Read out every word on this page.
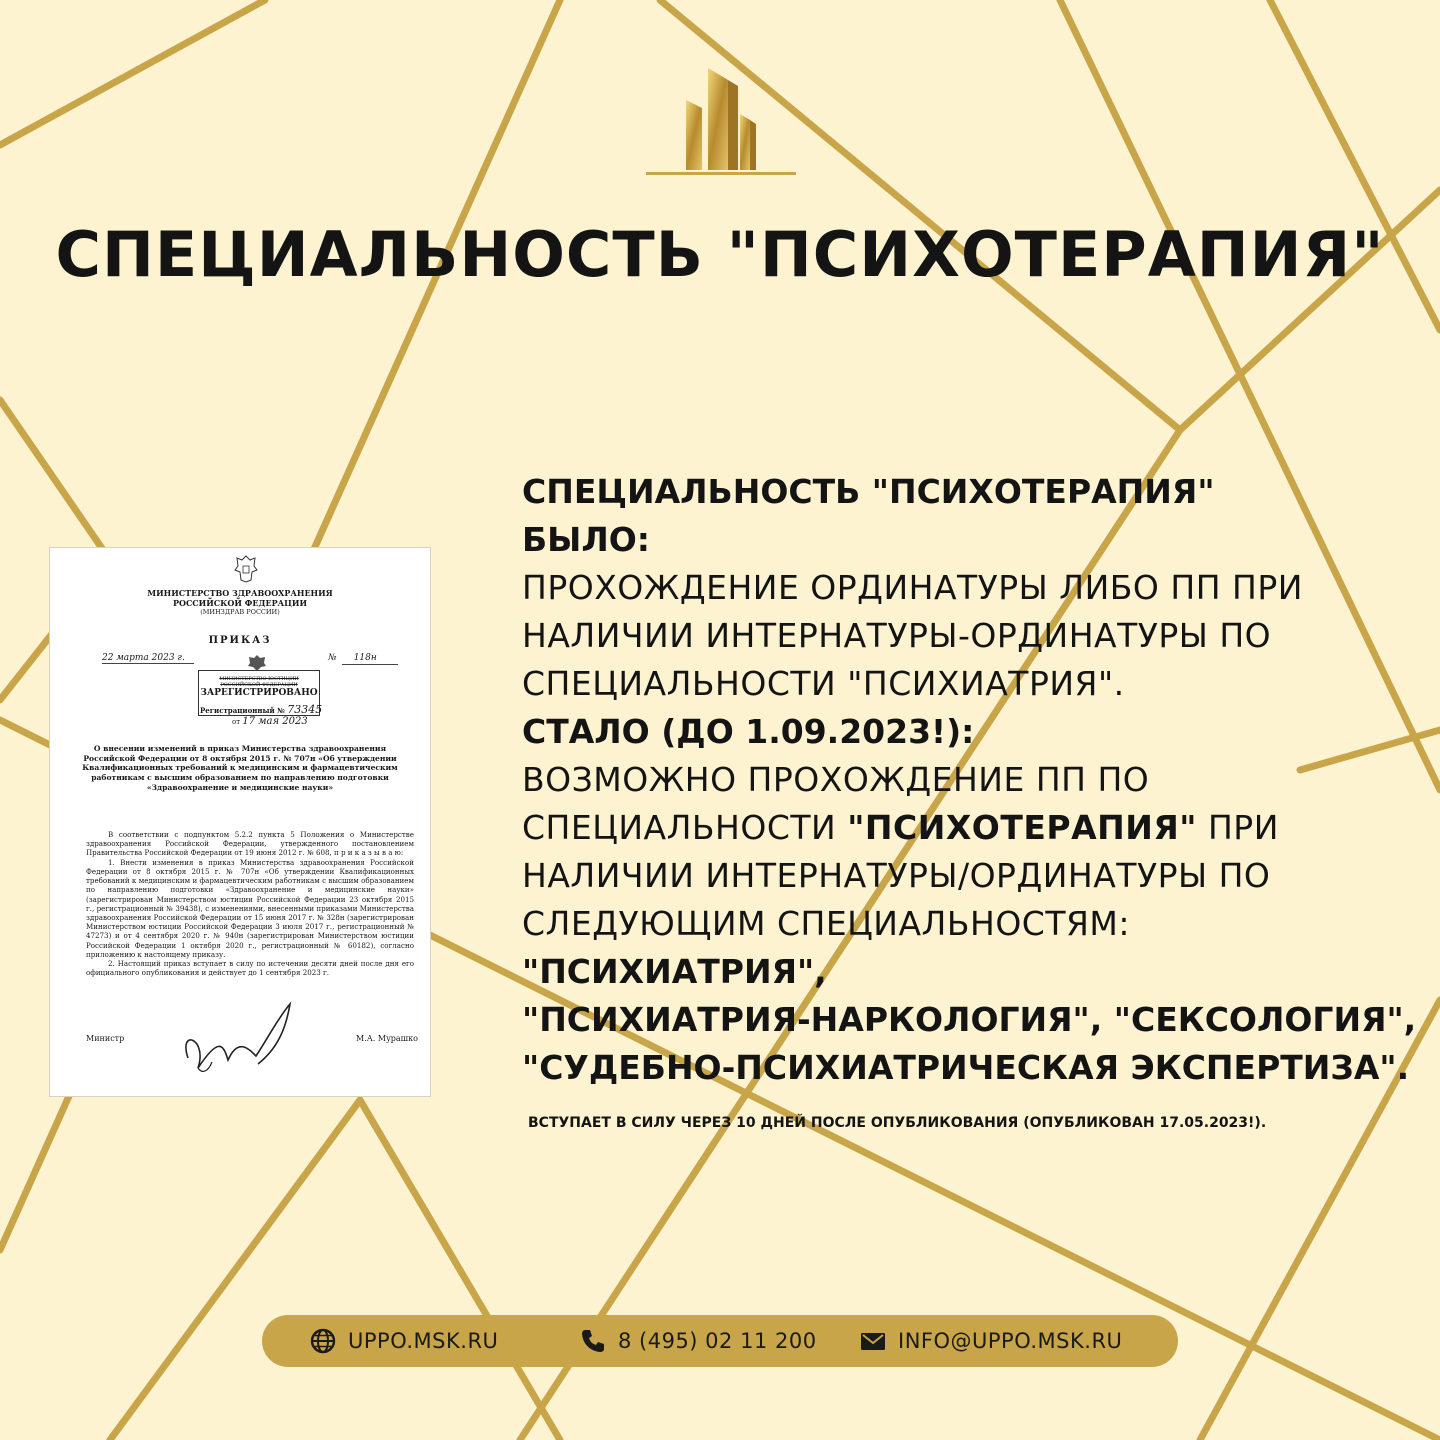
СПЕЦИАЛЬНОСТЬ "ПСИХОТЕРАПИЯ"
МИНИСТЕРСТВО ЗДРАВООХРАНЕНИЯ
РОССИЙСКОЙ ФЕДЕРАЦИИ
(МИНЗДРАВ РОССИИ)
ПРИКАЗ
22 марта 2023 г.	№ 118н
МИНИСТЕРСТВО ЮСТИЦИИ РОССИЙСКОЙ ФЕДЕРАЦИИ
ЗАРЕГИСТРИРОВАНО
Регистрационный № 73345
от 17 мая 2023
О внесении изменений в приказ Министерства здравоохранения Российской Федерации от 8 октября 2015 г. № 707н «Об утверждении Квалификационных требований к медицинским и фармацевтическим работникам с высшим образованием по направлению подготовки «Здравоохранение и медицинские науки»

В соответствии с подпунктом 5.2.2 пункта 5 Положения о Министерстве здравоохранения Российской Федерации, утвержденного постановлением Правительства Российской Федерации от 19 июня 2012 г. № 608, п р и к а з ы в а ю:

1. Внести изменения в приказ Министерства здравоохранения Российской Федерации от 8 октября 2015 г. № 707н «Об утверждении Квалификационных требований к медицинским и фармацевтическим работникам с высшим образованием по направлению подготовки «Здравоохранение и медицинские науки» (зарегистрирован Министерством юстиции Российской Федерации 23 октября 2015 г., регистрационный № 39438), с изменениями, внесенными приказами Министерства здравоохранения Российской Федерации от 15 июня 2017 г. № 328н (зарегистрирован Министерством юстиции Российской Федерации 3 июля 2017 г., регистрационный № 47273) и от 4 сентября 2020 г. № 940н (зарегистрирован Министерством юстиции Российской Федерации 1 октября 2020 г., регистрационный № 60182), согласно приложению к настоящему приказу.

2. Настоящий приказ вступает в силу по истечении десяти дней после дня его официального опубликования и действует до 1 сентября 2023 г.

Министр	М.А. Мурашко
СПЕЦИАЛЬНОСТЬ "ПСИХОТЕРАПИЯ"
БЫЛО:
ПРОХОЖДЕНИЕ ОРДИНАТУРЫ ЛИБО ПП ПРИ
НАЛИЧИИ ИНТЕРНАТУРЫ-ОРДИНАТУРЫ ПО
СПЕЦИАЛЬНОСТИ "ПСИХИАТРИЯ".
СТАЛО (ДО 1.09.2023!):
ВОЗМОЖНО ПРОХОЖДЕНИЕ ПП ПО
СПЕЦИАЛЬНОСТИ "ПСИХОТЕРАПИЯ" ПРИ
НАЛИЧИИ ИНТЕРНАТУРЫ/ОРДИНАТУРЫ ПО
СЛЕДУЮЩИМ СПЕЦИАЛЬНОСТЯМ:
"ПСИХИАТРИЯ",
"ПСИХИАТРИЯ-НАРКОЛОГИЯ", "СЕКСОЛОГИЯ",
"СУДЕБНО-ПСИХИАТРИЧЕСКАЯ ЭКСПЕРТИЗА".
ВСТУПАЕТ В СИЛУ ЧЕРЕЗ 10 ДНЕЙ ПОСЛЕ ОПУБЛИКОВАНИЯ (ОПУБЛИКОВАН 17.05.2023!).
UPPO.MSK.RU	8 (495) 02 11 200	INFO@UPPO.MSK.RU
